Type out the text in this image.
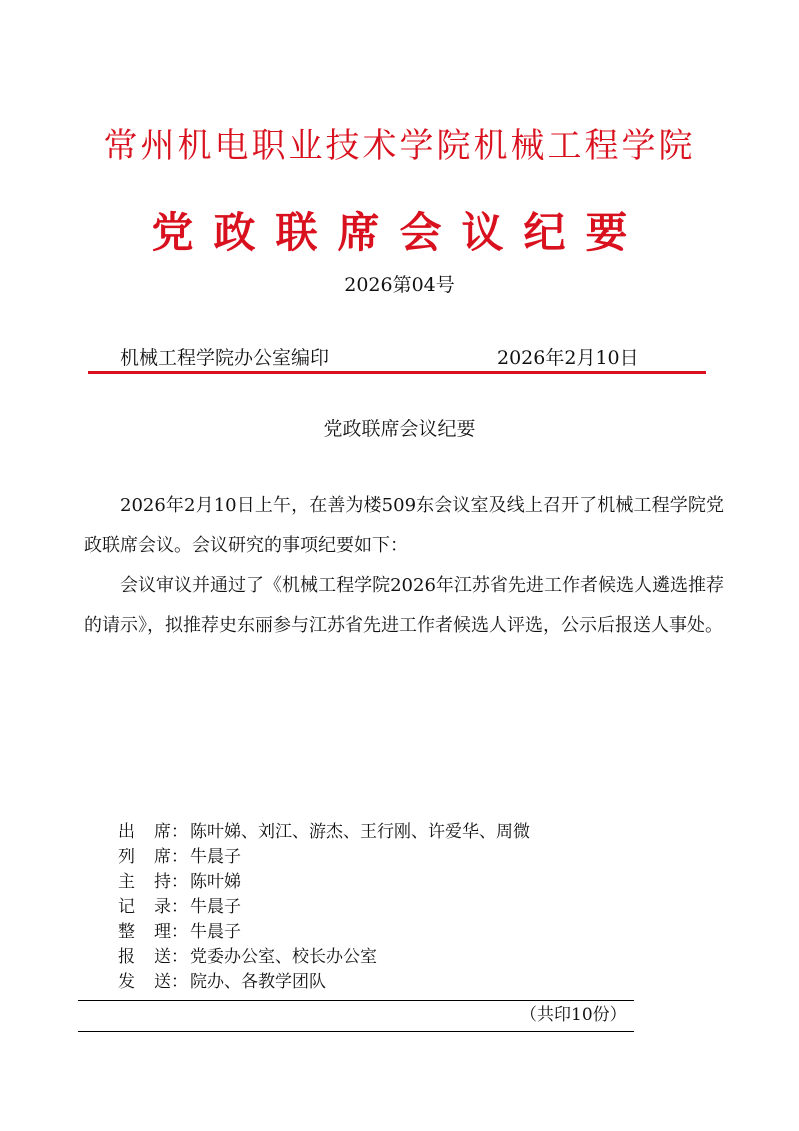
常州机电职业技术学院机械工程学院
党政联席会议纪要
2026第04号
机械工程学院办公室编印	2026年2月10日
党政联席会议纪要

2026年2月10日上午，在善为楼509东会议室及线上召开了机械工程学院党政联席会议。会议研究的事项纪要如下：

会议审议并通过了《机械工程学院2026年江苏省先进工作者候选人遴选推荐的请示》，拟推荐史东丽参与江苏省先进工作者候选人评选，公示后报送人事处。

出 席： 陈叶娣、刘江、游杰、王行刚、许爱华、周微
列 席： 牛晨子
主 持： 陈叶娣
记 录： 牛晨子
整 理： 牛晨子
报 送： 党委办公室、校长办公室
发 送： 院办、各教学团队
（共印10份）
